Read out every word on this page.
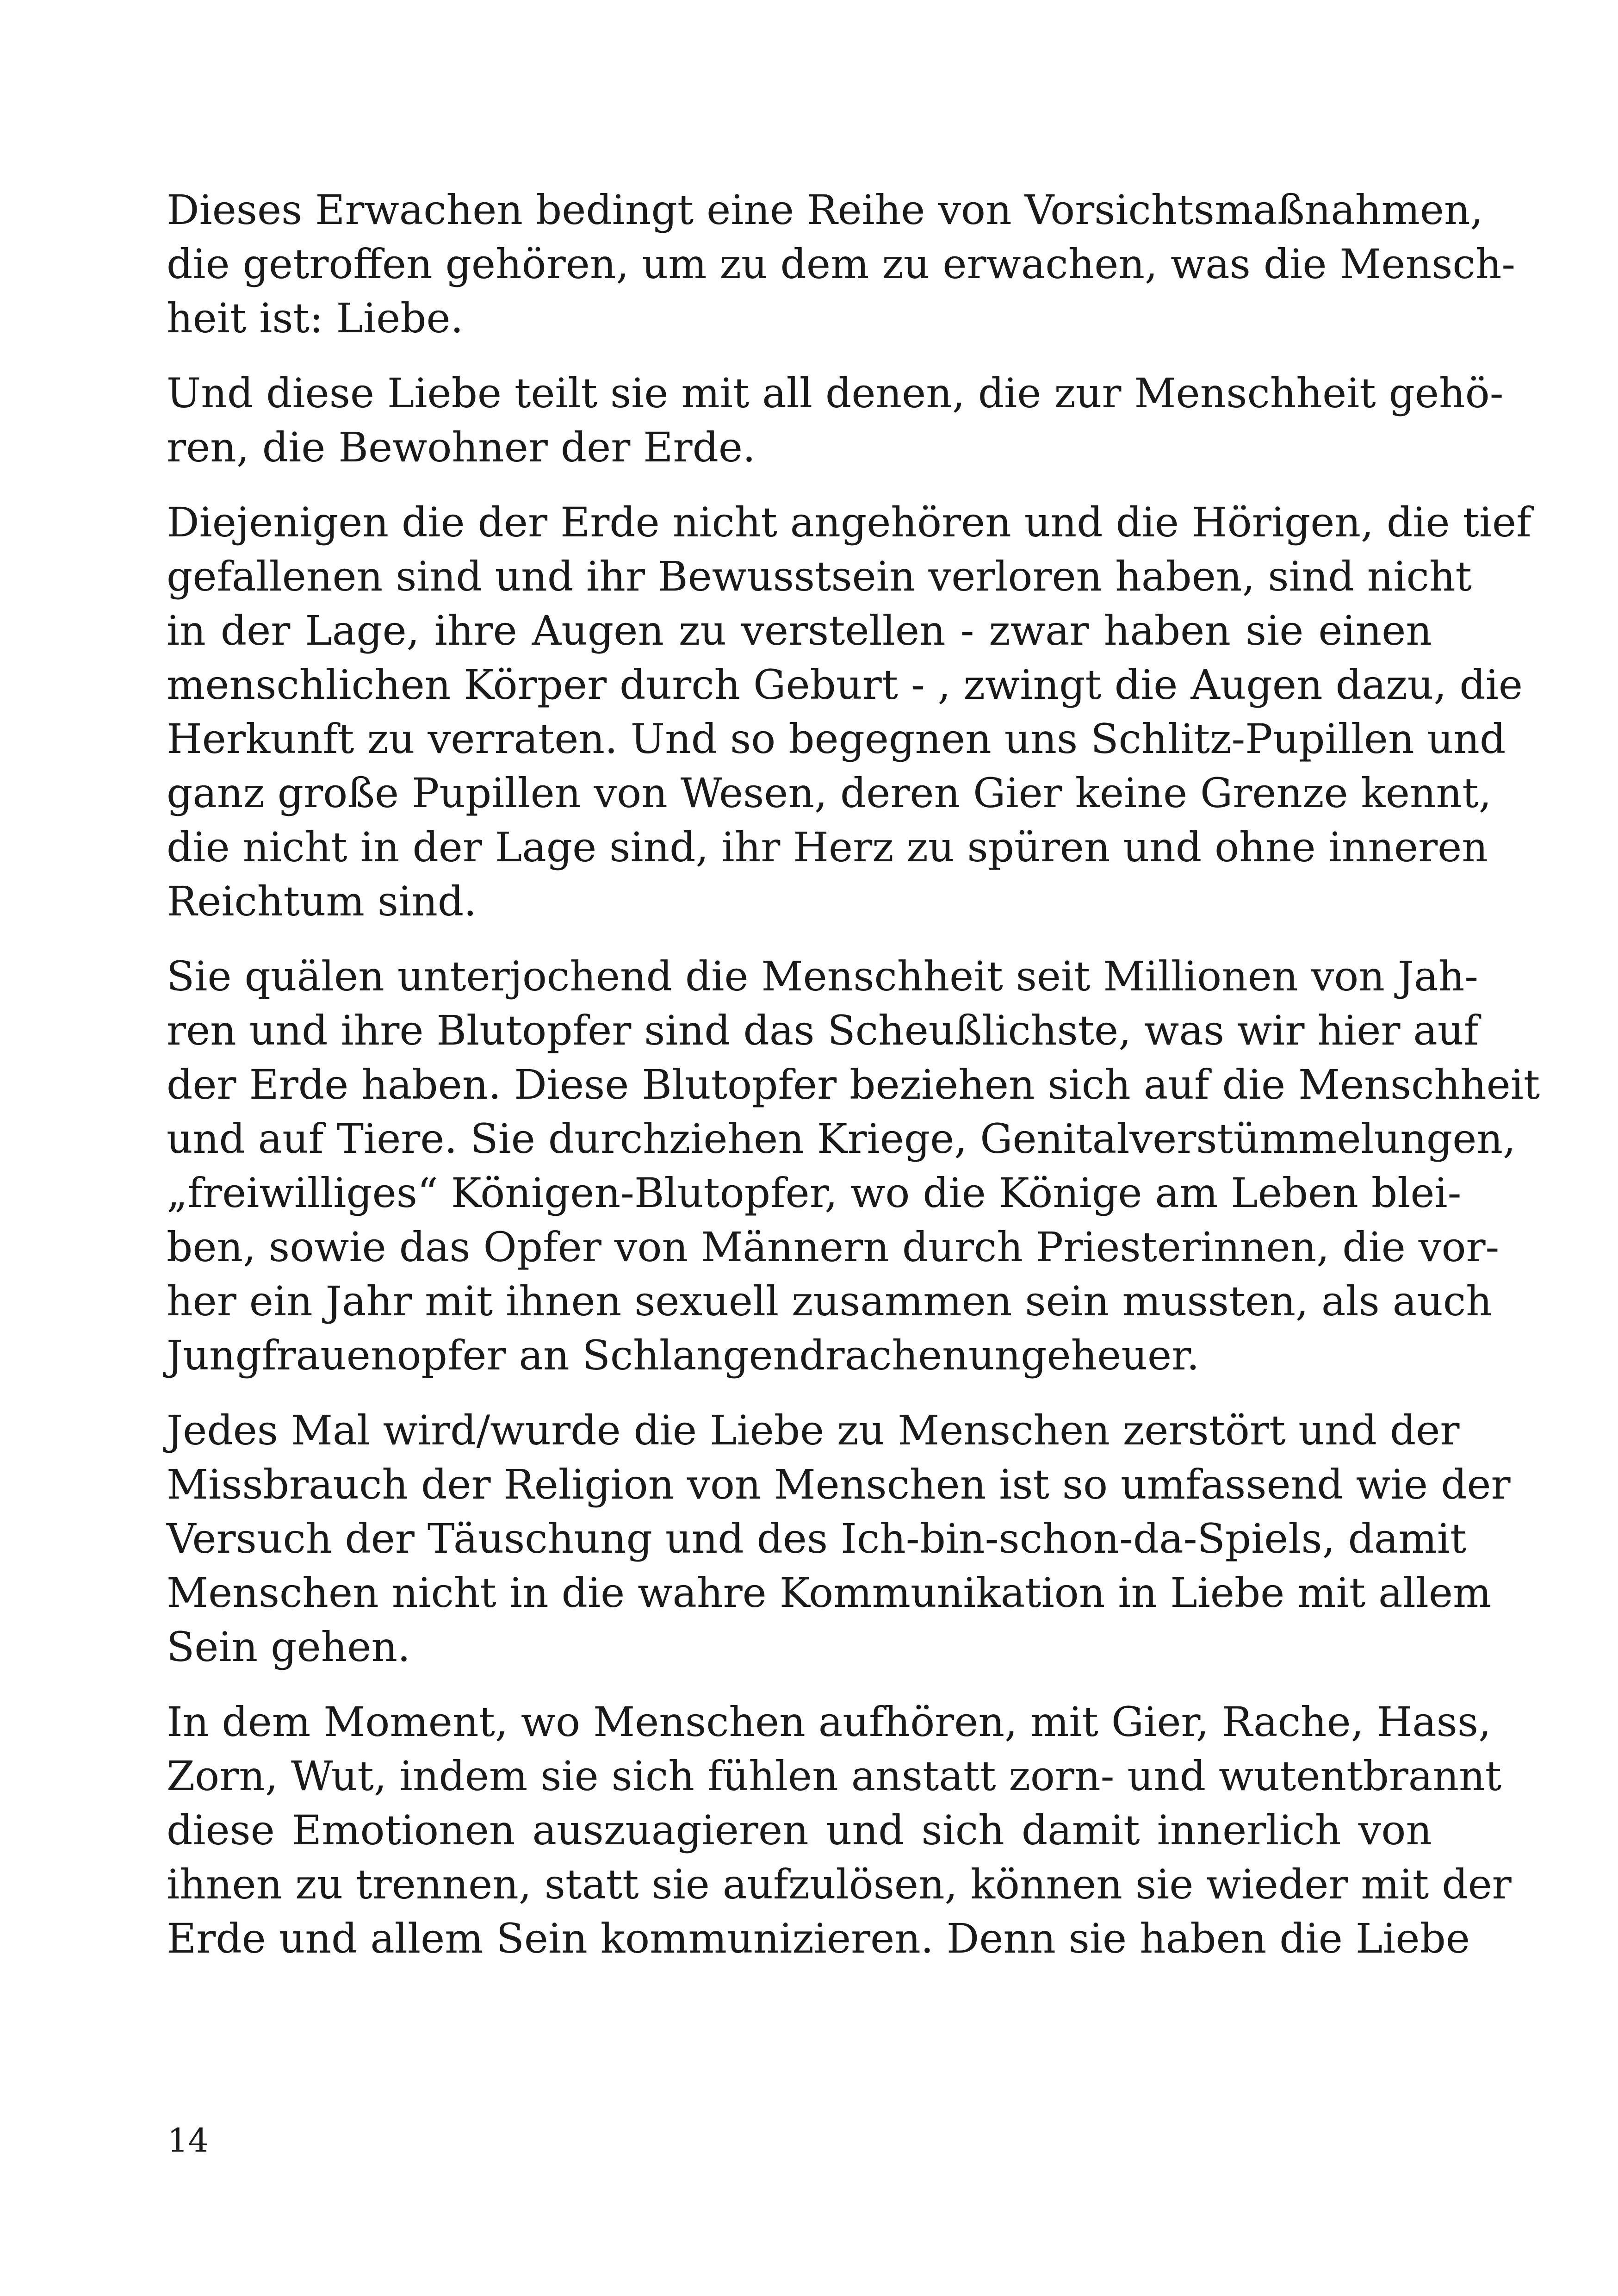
Dieses Erwachen bedingt eine Reihe von Vorsichtsmaßnahmen,
die getroffen gehören, um zu dem zu erwachen, was die Mensch-
heit ist: Liebe.

Und diese Liebe teilt sie mit all denen, die zur Menschheit gehö-
ren, die Bewohner der Erde.

Diejenigen die der Erde nicht angehören und die Hörigen, die tief
gefallenen sind und ihr Bewusstsein verloren haben, sind nicht
in der Lage, ihre Augen zu verstellen - zwar haben sie einen
menschlichen Körper durch Geburt - , zwingt die Augen dazu, die
Herkunft zu verraten. Und so begegnen uns Schlitz-Pupillen und
ganz große Pupillen von Wesen, deren Gier keine Grenze kennt,
die nicht in der Lage sind, ihr Herz zu spüren und ohne inneren
Reichtum sind.

Sie quälen unterjochend die Menschheit seit Millionen von Jah-
ren und ihre Blutopfer sind das Scheußlichste, was wir hier auf
der Erde haben. Diese Blutopfer beziehen sich auf die Menschheit
und auf Tiere. Sie durchziehen Kriege, Genitalverstümmelungen,
„freiwilliges“ Königen-Blutopfer, wo die Könige am Leben blei-
ben, sowie das Opfer von Männern durch Priesterinnen, die vor-
her ein Jahr mit ihnen sexuell zusammen sein mussten, als auch
Jungfrauenopfer an Schlangendrachenungeheuer.

Jedes Mal wird/wurde die Liebe zu Menschen zerstört und der
Missbrauch der Religion von Menschen ist so umfassend wie der
Versuch der Täuschung und des Ich-bin-schon-da-Spiels, damit
Menschen nicht in die wahre Kommunikation in Liebe mit allem
Sein gehen.

In dem Moment, wo Menschen aufhören, mit Gier, Rache, Hass,
Zorn, Wut, indem sie sich fühlen anstatt zorn- und wutentbrannt
diese Emotionen auszuagieren und sich damit innerlich von
ihnen zu trennen, statt sie aufzulösen, können sie wieder mit der
Erde und allem Sein kommunizieren. Denn sie haben die Liebe

14
